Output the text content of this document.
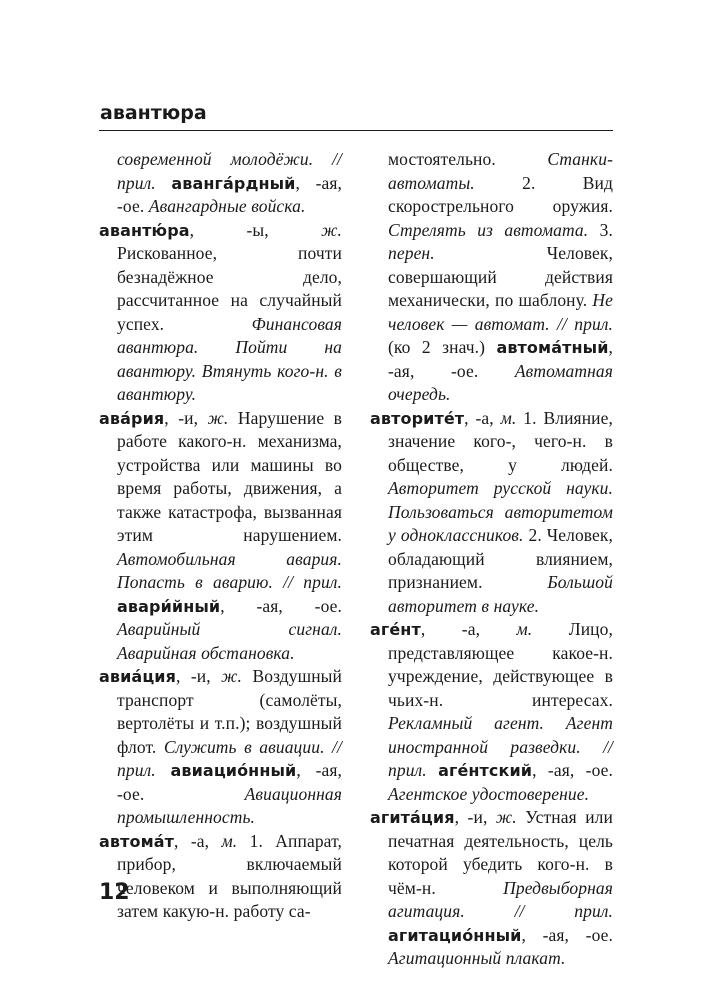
авантюра

современной молодёжи. // прил. авангáрдный, -ая, -ое. Авангардные войска.

авантю́ра, -ы,	ж. Рискованное, почти безнадёжное дело, рассчитанное на случайный успех.	Финансовая авантюра. Пойти на авантюру. Втянуть кого-н. в авантюру.

авáрия, -и, ж. Нарушение в работе какого-н. механизма, устройства или машины во время работы, движения, а также катастрофа, вызванная этим нарушением. Автомобильная авария. Попасть в аварию. // прил. авари́йный, -ая, -ое. Аварийный сигнал. Аварийная обстановка.

авиáция, -и, ж. Воздушный транспорт (самолёты, вертолёты и т.п.); воздушный флот. Служить в авиации. // прил. авиациóнный, -ая, -ое.	Авиационная промышленность.

автомáт, -а, м. 1. Аппарат, прибор, включаемый человеком и выполняющий затем какую-н. работу са-

мостоятельно.	Станки-автоматы.	2. Вид скорострельного оружия. Стрелять из автомата. 3. перен.	Человек, совершающий действия механически, по шаблону. Не человек — автомат. // прил. (ко 2 знач.) автомáтный, -ая, -ое. Автоматная очередь.

авторитéт, -а, м. 1. Влияние, значение кого-, чего-н. в обществе, у людей. Авторитет русской науки. Пользоваться авторитетом у одноклассников. 2. Человек, обладающий влиянием, признанием.	Большой авторитет в науке.

агéнт, -а, м. Лицо, представляющее какое-н. учреждение, действующее в чьих-н. интересах. Рекламный агент. Агент иностранной разведки. // прил. агéнтский, -ая, -ое. Агентское удостоверение.

агитáция, -и, ж. Устная или печатная деятельность, цель которой убедить кого-н. в чём-н.	Предвыборная агитация. // прил. агитациóнный, -ая, -ое. Агитационный плакат.

12
